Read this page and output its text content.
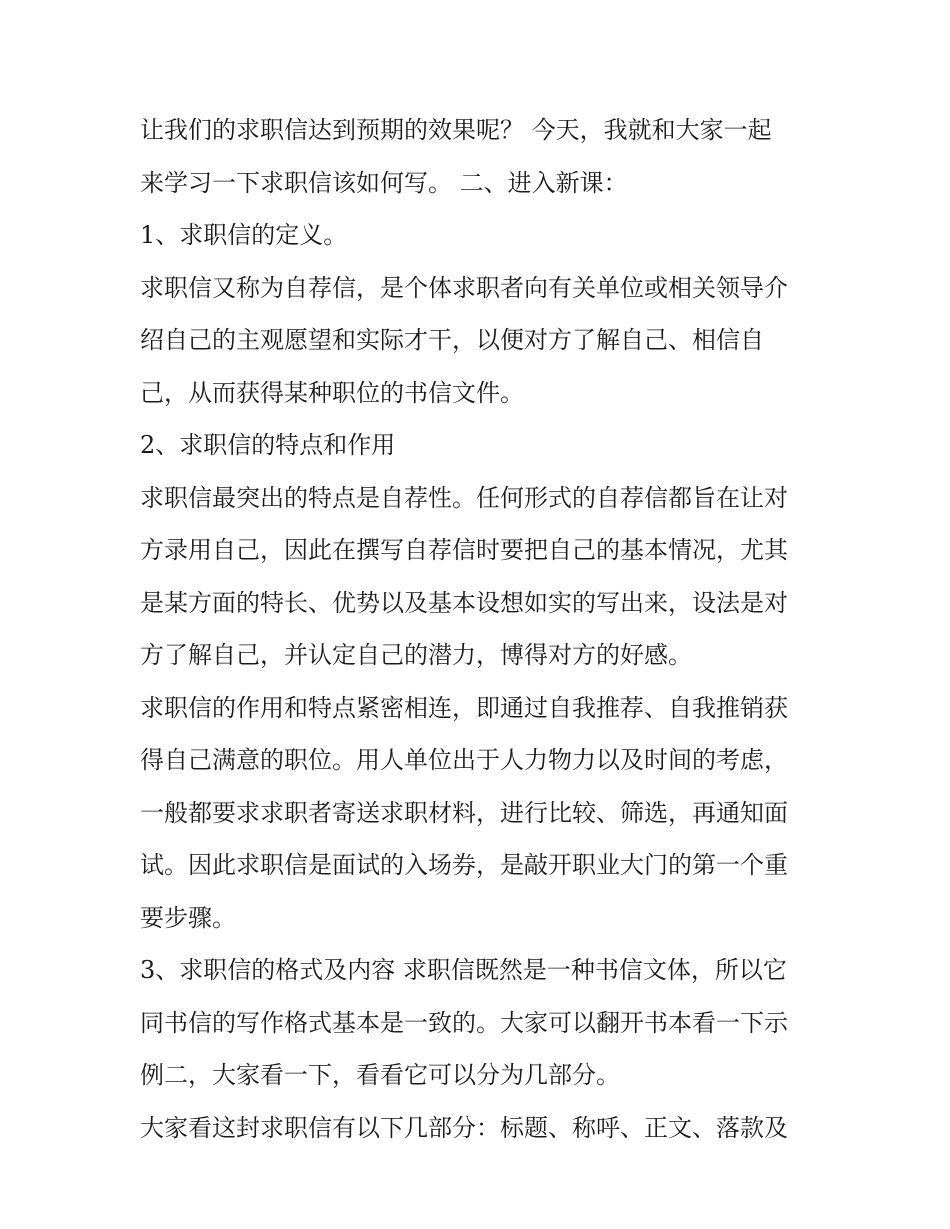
让我们的求职信达到预期的效果呢？ 今天，我就和大家一起
来学习一下求职信该如何写。 二、进入新课：
1、求职信的定义。
求职信又称为自荐信，是个体求职者向有关单位或相关领导介
绍自己的主观愿望和实际才干，以便对方了解自己、相信自
己，从而获得某种职位的书信文件。
2、求职信的特点和作用
求职信最突出的特点是自荐性。任何形式的自荐信都旨在让对
方录用自己，因此在撰写自荐信时要把自己的基本情况，尤其
是某方面的特长、优势以及基本设想如实的写出来，设法是对
方了解自己，并认定自己的潜力，博得对方的好感。
求职信的作用和特点紧密相连，即通过自我推荐、自我推销获
得自己满意的职位。用人单位出于人力物力以及时间的考虑，
一般都要求求职者寄送求职材料，进行比较、筛选，再通知面
试。因此求职信是面试的入场券，是敲开职业大门的第一个重
要步骤。
3、求职信的格式及内容 求职信既然是一种书信文体，所以它
同书信的写作格式基本是一致的。大家可以翻开书本看一下示
例二，大家看一下，看看它可以分为几部分。
大家看这封求职信有以下几部分：标题、称呼、正文、落款及
